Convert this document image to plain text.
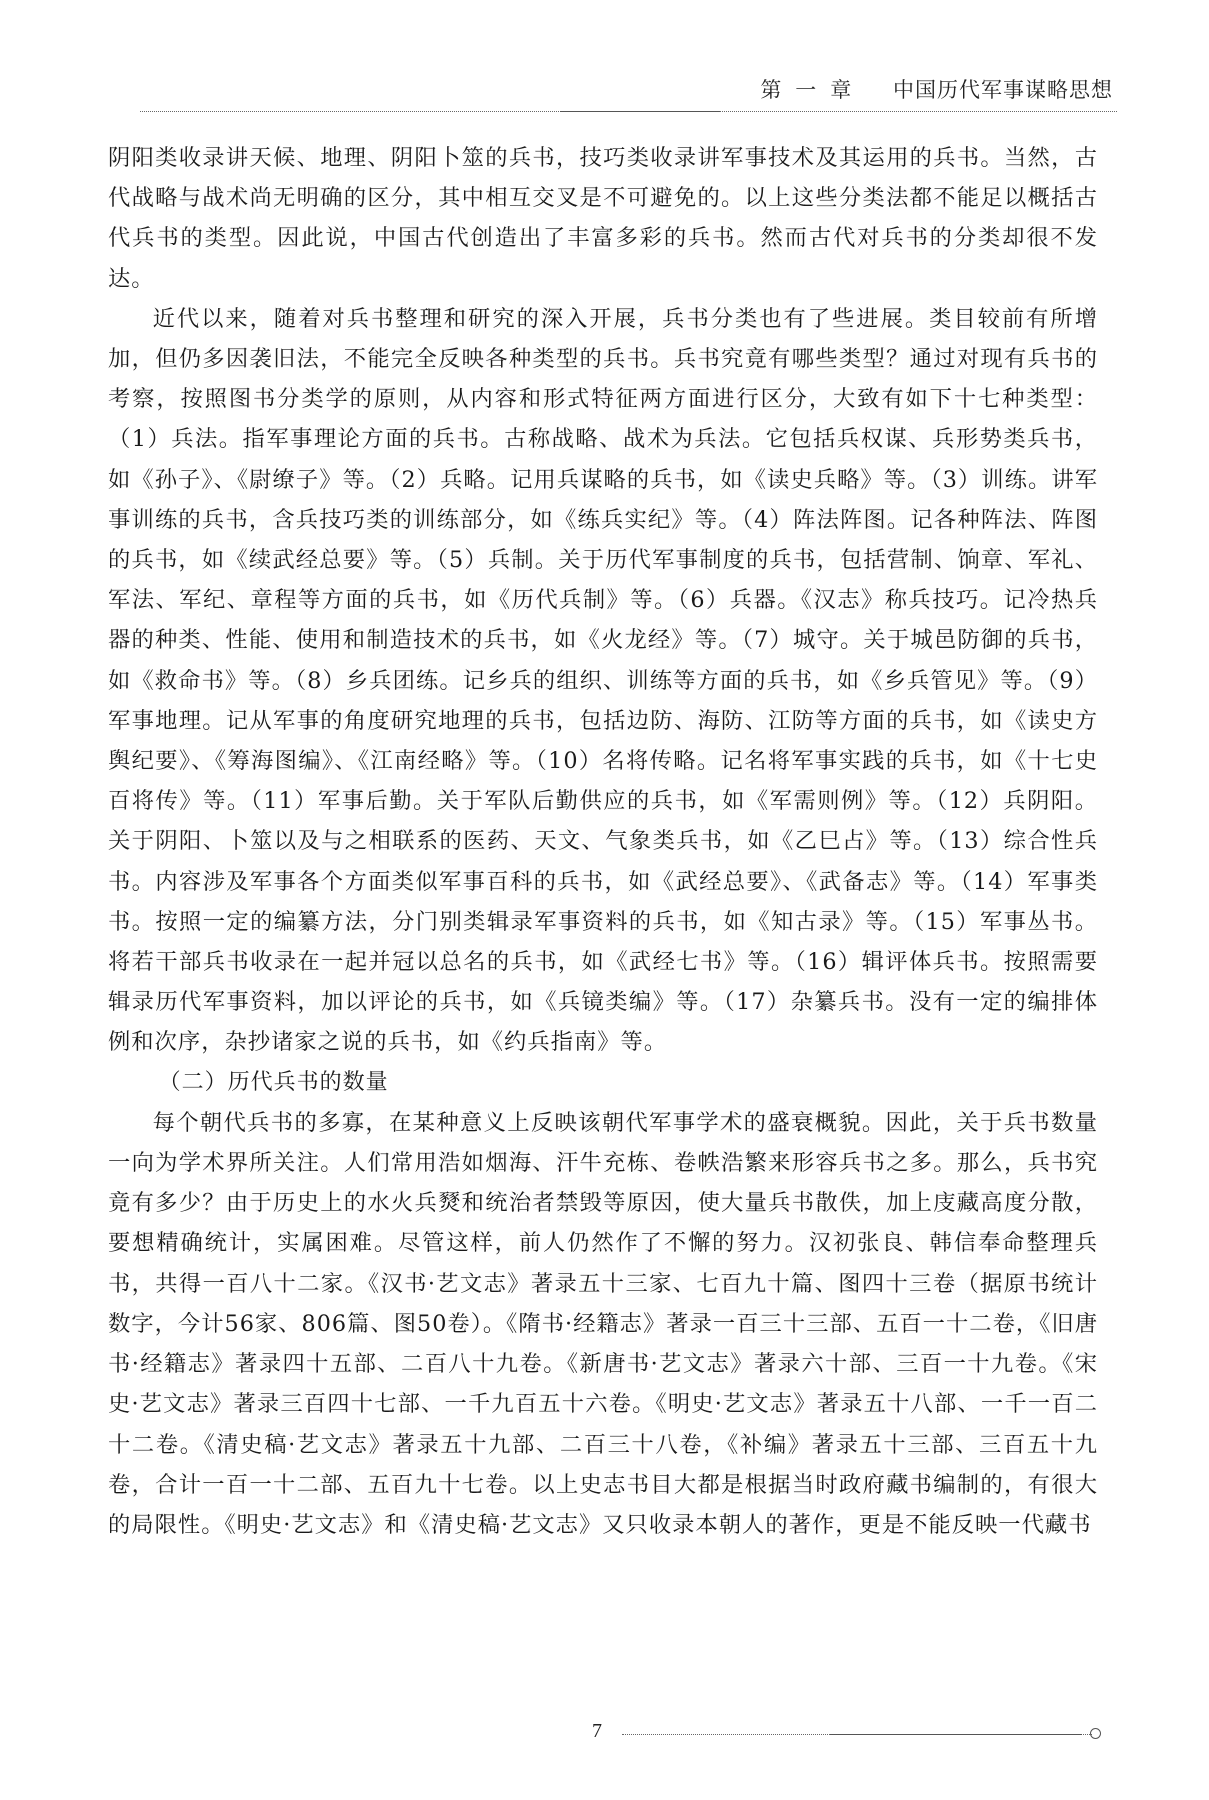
第一章 中国历代军事谋略思想

阴阳类收录讲天候、地理、阴阳卜筮的兵书，技巧类收录讲军事技术及其运用的兵书。当然，古代战略与战术尚无明确的区分，其中相互交叉是不可避免的。以上这些分类法都不能足以概括古代兵书的类型。因此说，中国古代创造出了丰富多彩的兵书。然而古代对兵书的分类却很不发达。

近代以来，随着对兵书整理和研究的深入开展，兵书分类也有了些进展。类目较前有所增加，但仍多因袭旧法，不能完全反映各种类型的兵书。兵书究竟有哪些类型？通过对现有兵书的考察，按照图书分类学的原则，从内容和形式特征两方面进行区分，大致有如下十七种类型：（1）兵法。指军事理论方面的兵书。古称战略、战术为兵法。它包括兵权谋、兵形势类兵书，如《孙子》、《尉缭子》等。（2）兵略。记用兵谋略的兵书，如《读史兵略》等。（3）训练。讲军事训练的兵书，含兵技巧类的训练部分，如《练兵实纪》等。（4）阵法阵图。记各种阵法、阵图的兵书，如《续武经总要》等。（5）兵制。关于历代军事制度的兵书，包括营制、饷章、军礼、军法、军纪、章程等方面的兵书，如《历代兵制》等。（6）兵器。《汉志》称兵技巧。记冷热兵器的种类、性能、使用和制造技术的兵书，如《火龙经》等。（7）城守。关于城邑防御的兵书，如《救命书》等。（8）乡兵团练。记乡兵的组织、训练等方面的兵书，如《乡兵管见》等。（9）军事地理。记从军事的角度研究地理的兵书，包括边防、海防、江防等方面的兵书，如《读史方舆纪要》、《筹海图编》、《江南经略》等。（10）名将传略。记名将军事实践的兵书，如《十七史百将传》等。（11）军事后勤。关于军队后勤供应的兵书，如《军需则例》等。（12）兵阴阳。关于阴阳、卜筮以及与之相联系的医药、天文、气象类兵书，如《乙巳占》等。（13）综合性兵书。内容涉及军事各个方面类似军事百科的兵书，如《武经总要》、《武备志》等。（14）军事类书。按照一定的编纂方法，分门别类辑录军事资料的兵书，如《知古录》等。（15）军事丛书。将若干部兵书收录在一起并冠以总名的兵书，如《武经七书》等。（16）辑评体兵书。按照需要辑录历代军事资料，加以评论的兵书，如《兵镜类编》等。（17）杂纂兵书。没有一定的编排体例和次序，杂抄诸家之说的兵书，如《约兵指南》等。

（二）历代兵书的数量

每个朝代兵书的多寡，在某种意义上反映该朝代军事学术的盛衰概貌。因此，关于兵书数量一向为学术界所关注。人们常用浩如烟海、汗牛充栋、卷帙浩繁来形容兵书之多。那么，兵书究竟有多少？由于历史上的水火兵燹和统治者禁毁等原因，使大量兵书散佚，加上庋藏高度分散，要想精确统计，实属困难。尽管这样，前人仍然作了不懈的努力。汉初张良、韩信奉命整理兵书，共得一百八十二家。《汉书·艺文志》著录五十三家、七百九十篇、图四十三卷（据原书统计数字，今计56家、806篇、图50卷）。《隋书·经籍志》著录一百三十三部、五百一十二卷，《旧唐书·经籍志》著录四十五部、二百八十九卷。《新唐书·艺文志》著录六十部、三百一十九卷。《宋史·艺文志》著录三百四十七部、一千九百五十六卷。《明史·艺文志》著录五十八部、一千一百二十二卷。《清史稿·艺文志》著录五十九部、二百三十八卷，《补编》著录五十三部、三百五十九卷，合计一百一十二部、五百九十七卷。以上史志书目大都是根据当时政府藏书编制的，有很大的局限性。《明史·艺文志》和《清史稿·艺文志》又只收录本朝人的著作，更是不能反映一代藏书

7
